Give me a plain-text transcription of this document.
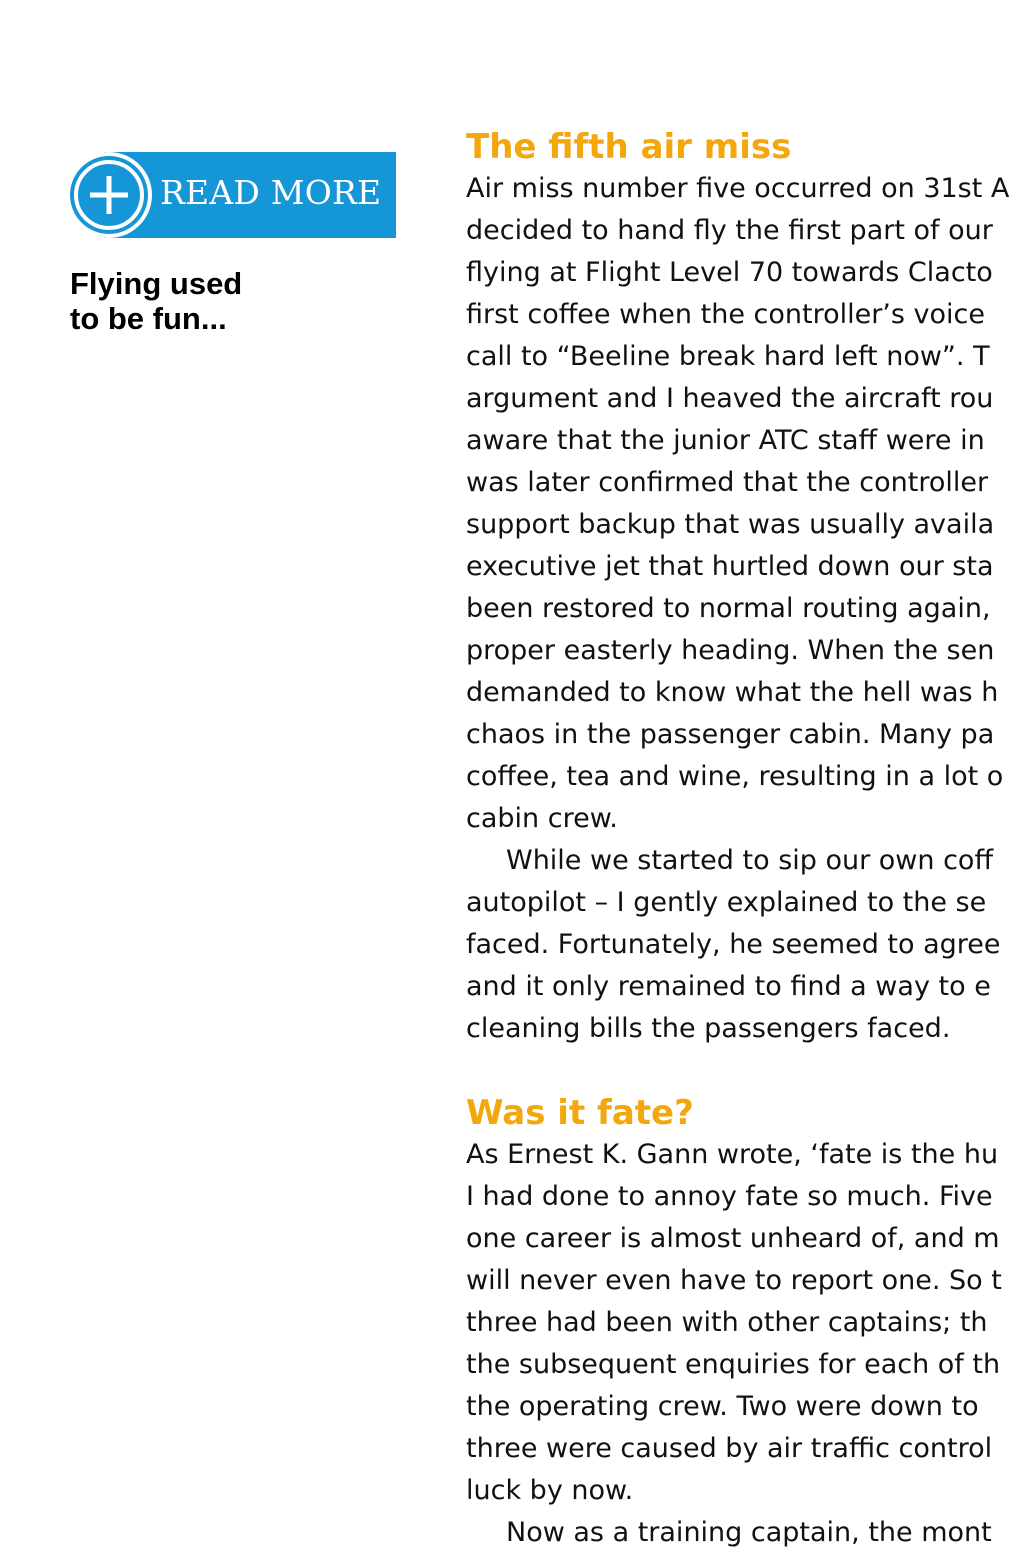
READ MORE
Flying used
to be fun...
The fifth air miss
Air miss number five occurred on 31st A
decided to hand fly the first part of our
flying at Flight Level 70 towards Clacto
first coffee when the controller’s voice
call to “Beeline break hard left now”. T
argument and I heaved the aircraft rou
aware that the junior ATC staff were in
was later confirmed that the controller
support backup that was usually availa
executive jet that hurtled down our sta
been restored to normal routing again,
proper easterly heading. When the sen
demanded to know what the hell was h
chaos in the passenger cabin. Many pa
coffee, tea and wine, resulting in a lot o
cabin crew.
While we started to sip our own coff
autopilot – I gently explained to the se
faced. Fortunately, he seemed to agree
and it only remained to find a way to e
cleaning bills the passengers faced.
Was it fate?
As Ernest K. Gann wrote, ‘fate is the hu
I had done to annoy fate so much. Five
one career is almost unheard of, and m
will never even have to report one. So t
three had been with other captains; th
the subsequent enquiries for each of th
the operating crew. Two were down to
three were caused by air traffic control
luck by now.
Now as a training captain, the mont
